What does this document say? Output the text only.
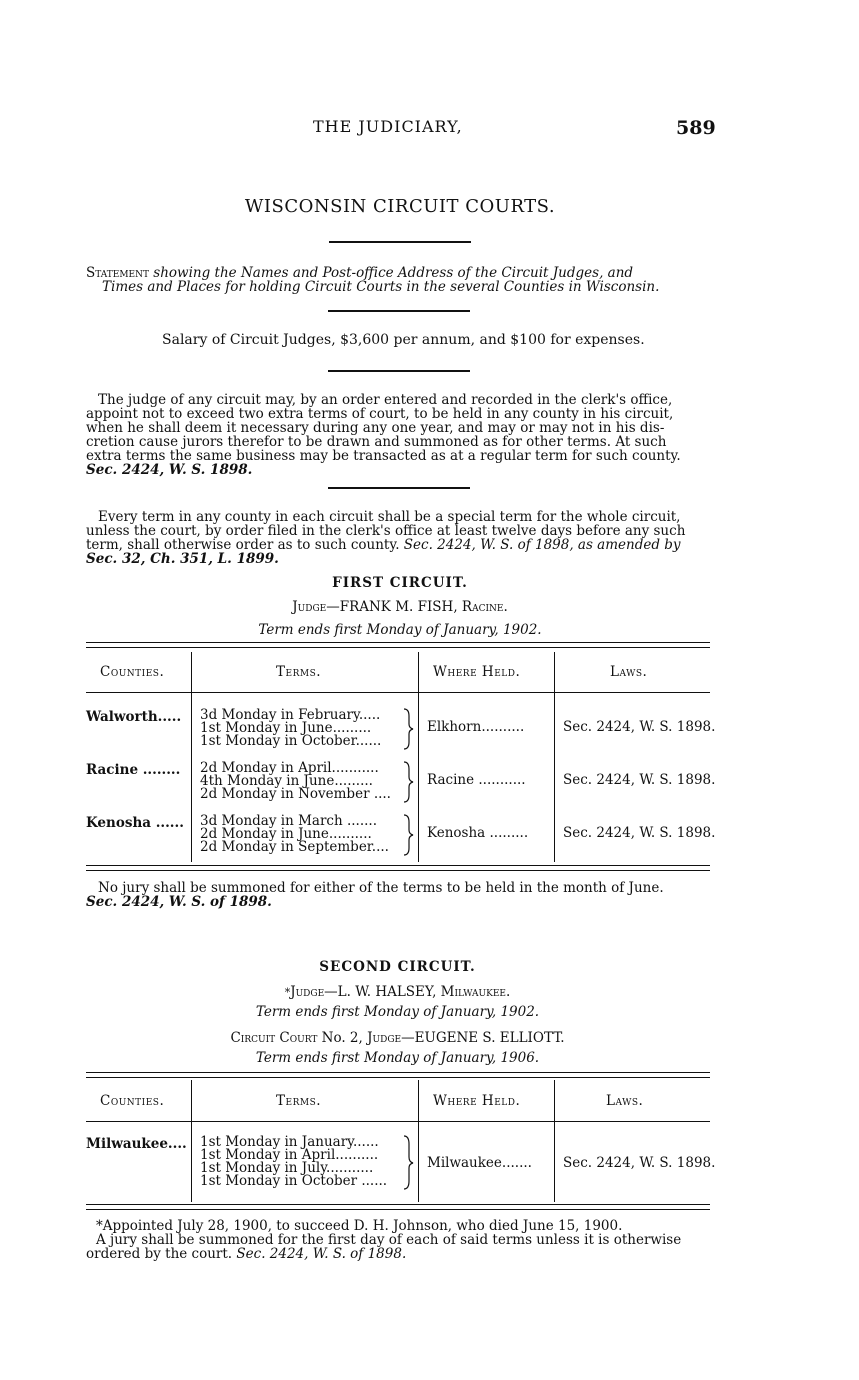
THE JUDICIARY,	589
WISCONSIN CIRCUIT COURTS.
Statement showing the Names and Post-office Address of the Circuit Judges, and
Times and Places for holding Circuit Courts in the several Counties in Wisconsin.
Salary of Circuit Judges, $3,600 per annum, and $100 for expenses.
The judge of any circuit may, by an order entered and recorded in the clerk's office,
appoint not to exceed two extra terms of court, to be held in any county in his circuit,
when he shall deem it necessary during any one year, and may or may not in his dis-
cretion cause jurors therefor to be drawn and summoned as for other terms. At such
extra terms the same business may be transacted as at a regular term for such county.
Sec. 2424, W. S. 1898.
Every term in any county in each circuit shall be a special term for the whole circuit,
unless the court, by order filed in the clerk's office at least twelve days before any such
term, shall otherwise order as to such county. Sec. 2424, W. S. of 1898, as amended by
Sec. 32, Ch. 351, L. 1899.
FIRST CIRCUIT.
Judge—FRANK M. FISH, Racine.
Term ends first Monday of January, 1902.
Counties.	Terms.	Where Held.	Laws.
Walworth..... 3d Monday in February.....
1st Monday in June.........
1st Monday in October......
Elkhorn..........	Sec. 2424, W. S. 1898.
Racine ........ 2d Monday in April...........
4th Monday in June.........
2d Monday in November ....
Racine ...........	Sec. 2424, W. S. 1898.
Kenosha ...... 3d Monday in March .......
2d Monday in June..........
2d Monday in September....
Kenosha .........	Sec. 2424, W. S. 1898.
No jury shall be summoned for either of the terms to be held in the month of June.
Sec. 2424, W. S. of 1898.
SECOND CIRCUIT.
*Judge—L. W. HALSEY, Milwaukee.
Term ends first Monday of January, 1902.
Circuit Court No. 2, Judge—EUGENE S. ELLIOTT.
Term ends first Monday of January, 1906.
Counties.	Terms.	Where Held.	Laws.
Milwaukee.... 1st Monday in January......
1st Monday in April..........
1st Monday in July...........
1st Monday in October ......
Milwaukee....... Sec. 2424, W. S. 1898.
*Appointed July 28, 1900, to succeed D. H. Johnson, who died June 15, 1900.
A jury shall be summoned for the first day of each of said terms unless it is otherwise
ordered by the court. Sec. 2424, W. S. of 1898.
